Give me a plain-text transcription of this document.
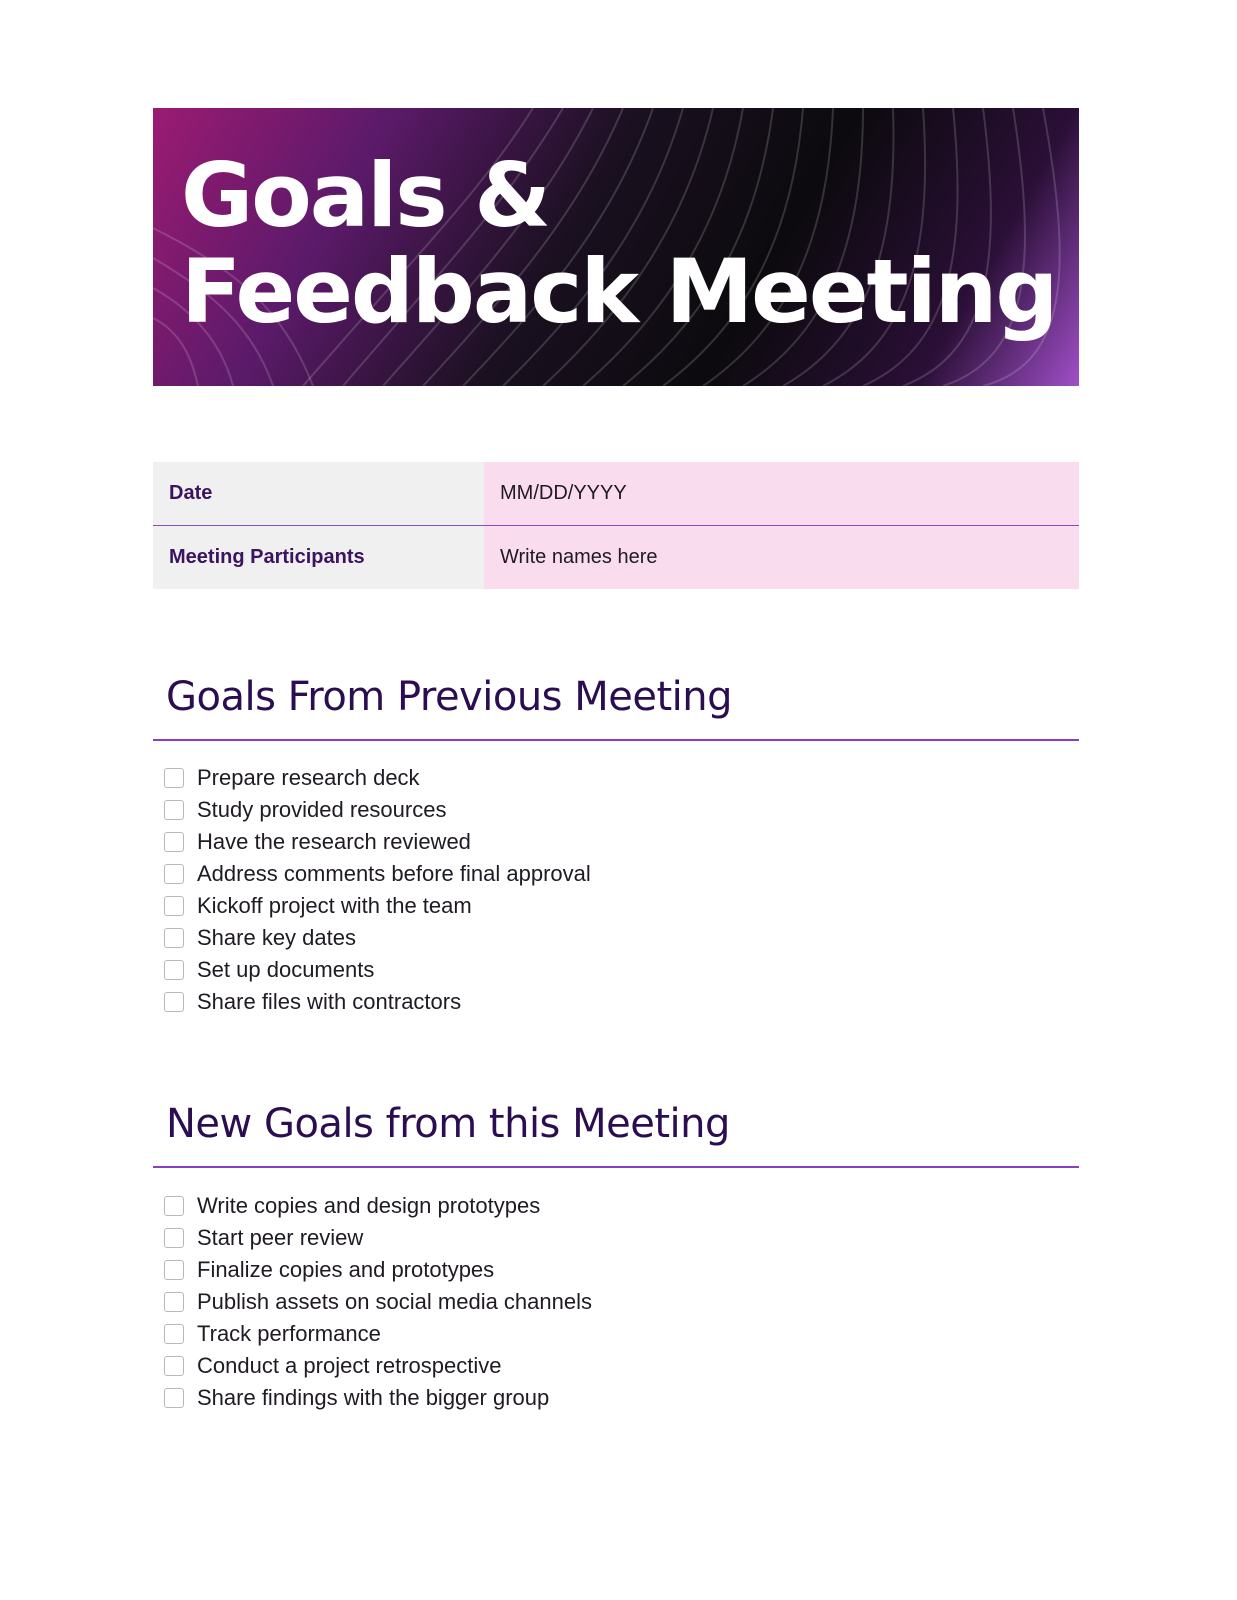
Goals &
Feedback Meeting
Date	MM/DD/YYYY
Meeting Participants	Write names here
Goals From Previous Meeting
Prepare research deck
Study provided resources
Have the research reviewed
Address comments before final approval
Kickoff project with the team
Share key dates
Set up documents
Share files with contractors
New Goals from this Meeting
Write copies and design prototypes
Start peer review
Finalize copies and prototypes
Publish assets on social media channels
Track performance
Conduct a project retrospective
Share findings with the bigger group
